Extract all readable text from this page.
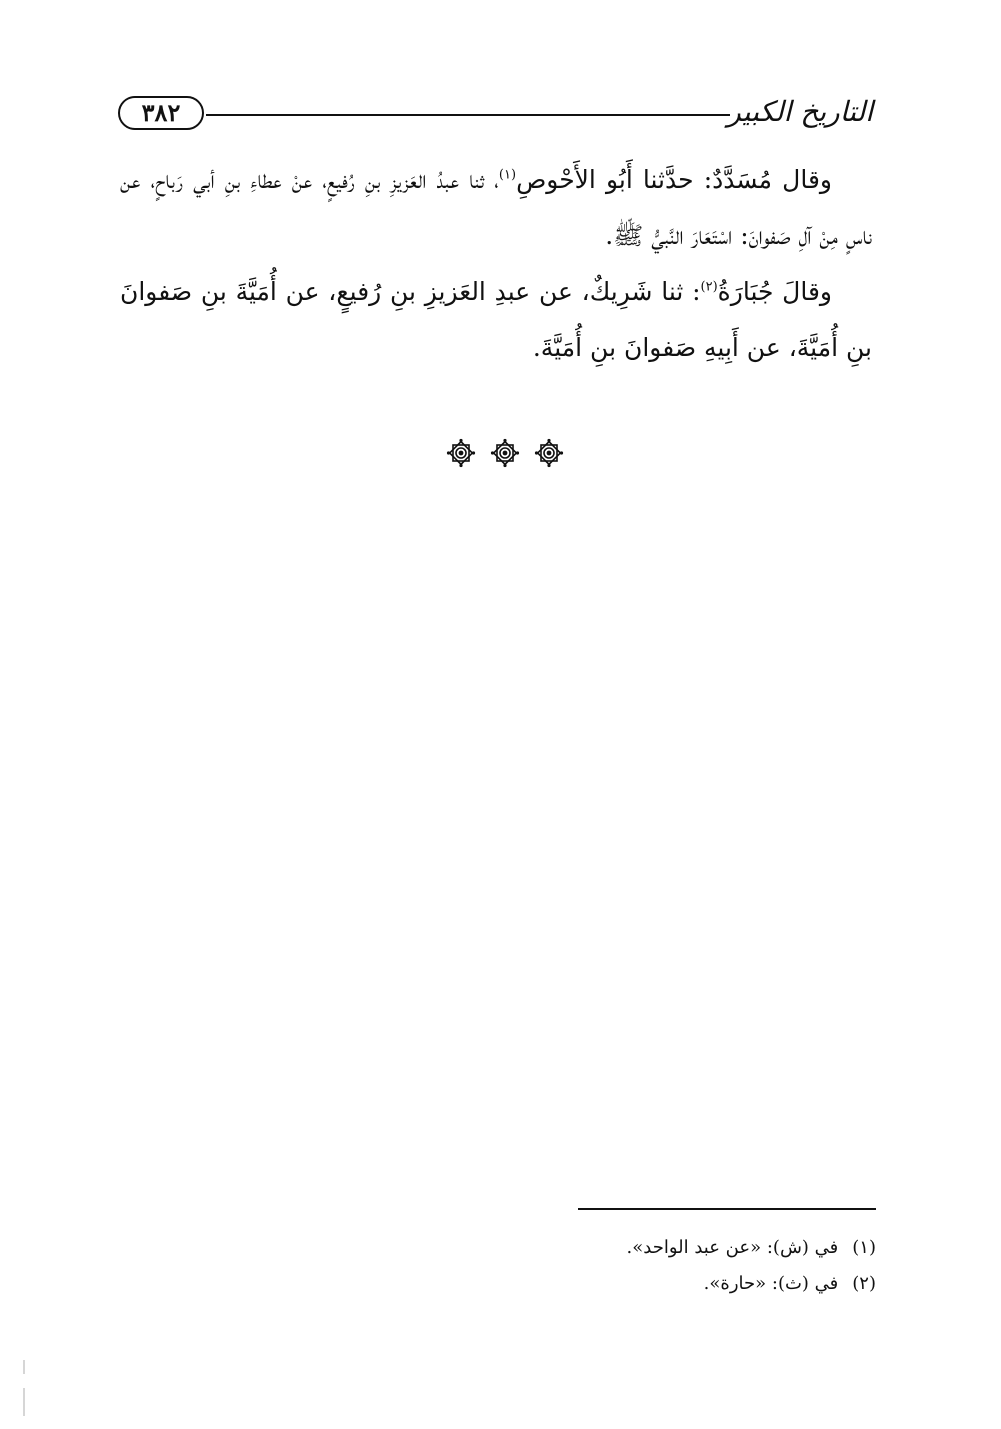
٣٨٢	التاريخ الكبير

وقال مُسَدَّدٌ: حدَّثنا أَبُو الأَحْوصِ$^{(١)}$، ثنا عبدُ العَزيزِ بنِ رُفيعٍ، عنْ عطاءِ بنِ أبي رَباحٍ، عن ناسٍ مِنْ آلِ صَفوانَ: اسْتَعَارَ النَّبيُّ ﷺ.

وقالَ جُبَارَةُ$^{(٢)}$: ثنا شَرِيكٌ، عن عبدِ العَزيزِ بنِ رُفيعٍ، عن أُمَيَّةَ بنِ صَفوانَ بنِ أُمَيَّةَ، عن أَبِيهِ صَفوانَ بنِ أُمَيَّةَ.

(١)
في (ش): «عن عبد الواحد».
(٢)
في (ث): «حارة».
